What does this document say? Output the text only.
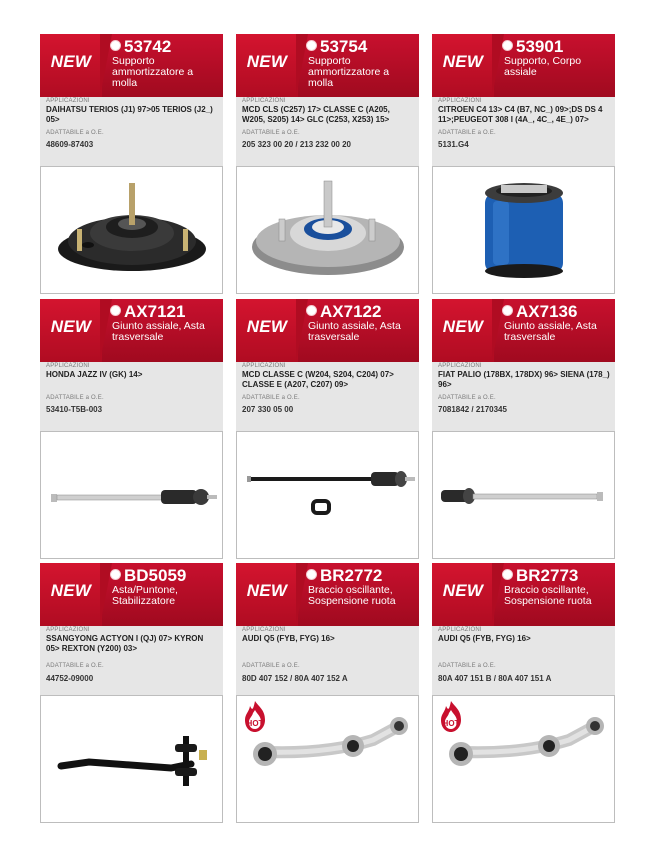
NEW
53742
Supporto ammortizzatore a molla
APPLICAZIONI
DAIHATSU TERIOS (J1) 97>05 TERIOS (J2_) 05>
ADATTABILE a O.E.
48609-87403
NEW
53754
Supporto ammortizzatore a molla
APPLICAZIONI
MCD CLS (C257) 17> CLASSE C (A205, W205, S205) 14> GLC (C253, X253) 15>
ADATTABILE a O.E.
205 323 00 20 / 213 232 00 20
NEW
53901
Supporto, Corpo assiale
APPLICAZIONI
CITROEN C4 13> C4 (B7, NC_) 09>;DS DS 4 11>;PEUGEOT 308 I (4A_, 4C_, 4E_) 07>
ADATTABILE a O.E.
5131.G4
NEW
AX7121
Giunto assiale, Asta trasversale
APPLICAZIONI
HONDA JAZZ IV (GK) 14>
ADATTABILE a O.E.
53410-T5B-003
NEW
AX7122
Giunto assiale, Asta trasversale
APPLICAZIONI
MCD CLASSE C (W204, S204, C204) 07> CLASSE E (A207, C207) 09>
ADATTABILE a O.E.
207 330 05 00
NEW
AX7136
Giunto assiale, Asta trasversale
APPLICAZIONI
FIAT PALIO (178BX, 178DX) 96> SIENA (178_) 96>
ADATTABILE a O.E.
7081842 / 2170345
NEW
BD5059
Asta/Puntone, Stabilizzatore
APPLICAZIONI
SSANGYONG ACTYON I (QJ) 07> KYRON 05> REXTON (Y200) 03>
ADATTABILE a O.E.
44752-09000
NEW
BR2772
Braccio oscillante, Sospensione ruota
APPLICAZIONI
AUDI Q5 (FYB, FYG) 16>
ADATTABILE a O.E.
80D 407 152 / 80A 407 152 A
HOT
NEW
BR2773
Braccio oscillante, Sospensione ruota
APPLICAZIONI
AUDI Q5 (FYB, FYG) 16>
ADATTABILE a O.E.
80A 407 151 B / 80A 407 151 A
HOT
